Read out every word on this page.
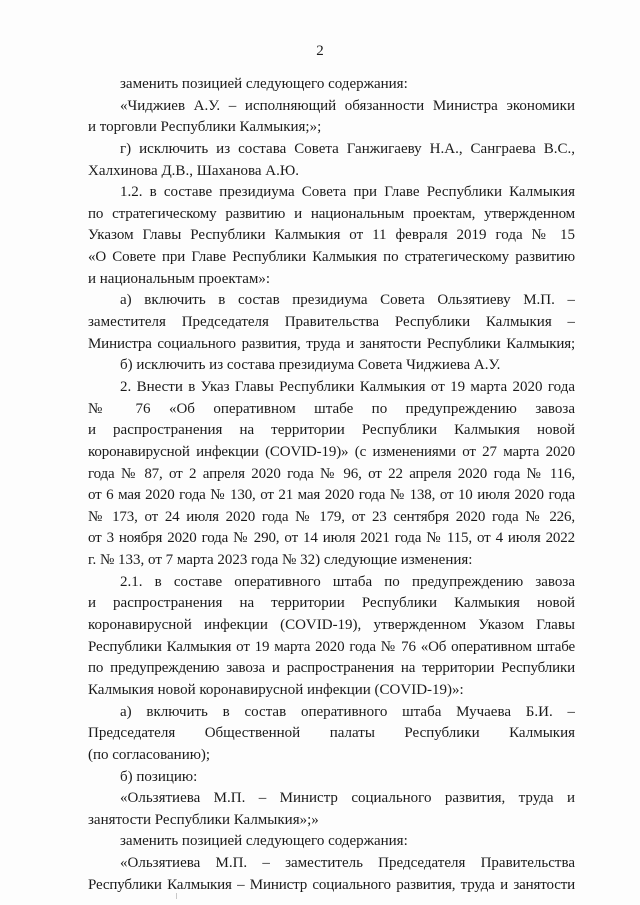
2
заменить позицией следующего содержания:
«Чиджиев А.У. – исполняющий обязанности Министра экономики
и торговли Республики Калмыкия;»;
г) исключить из состава Совета Ганжигаеву Н.А., Санграева В.С.,
Халхинова Д.В., Шаханова А.Ю.
1.2. в составе президиума Совета при Главе Республики Калмыкия
по стратегическому развитию и национальным проектам, утвержденном
Указом Главы Республики Калмыкия от 11 февраля 2019 года № 15
«О Совете при Главе Республики Калмыкия по стратегическому развитию
и национальным проектам»:
а) включить в состав президиума Совета Ользятиеву М.П. –
заместителя Председателя Правительства Республики Калмыкия –
Министра социального развития, труда и занятости Республики Калмыкия;
б) исключить из состава президиума Совета Чиджиева А.У.
2. Внести в Указ Главы Республики Калмыкия от 19 марта 2020 года
№ 76 «Об оперативном штабе по предупреждению завоза
и распространения на территории Республики Калмыкия новой
коронавирусной инфекции (COVID-19)» (с изменениями от 27 марта 2020
года № 87, от 2 апреля 2020 года № 96, от 22 апреля 2020 года № 116,
от 6 мая 2020 года № 130, от 21 мая 2020 года № 138, от 10 июля 2020 года
№ 173, от 24 июля 2020 года № 179, от 23 сентября 2020 года № 226,
от 3 ноября 2020 года № 290, от 14 июля 2021 года № 115, от 4 июля 2022
г. № 133, от 7 марта 2023 года № 32) следующие изменения:
2.1. в составе оперативного штаба по предупреждению завоза
и распространения на территории Республики Калмыкия новой
коронавирусной инфекции (COVID-19), утвержденном Указом Главы
Республики Калмыкия от 19 марта 2020 года № 76 «Об оперативном штабе
по предупреждению завоза и распространения на территории Республики
Калмыкия новой коронавирусной инфекции (COVID-19)»:
а) включить в состав оперативного штаба Мучаева Б.И. –
Председателя Общественной палаты Республики Калмыкия
(по согласованию);
б) позицию:
«Ользятиева М.П. – Министр социального развития, труда и
занятости Республики Калмыкия»;»
заменить позицией следующего содержания:
«Ользятиева М.П. – заместитель Председателя Правительства
Республики Калмыкия – Министр социального развития, труда и занятости
